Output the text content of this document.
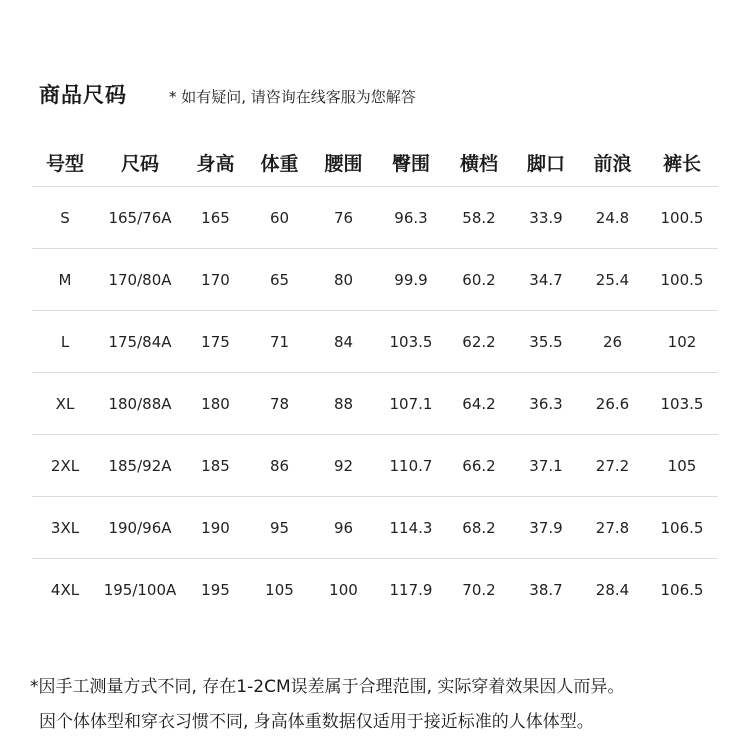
商品尺码	* 如有疑问, 请咨询在线客服为您解答
号型	尺码	身高	体重	腰围	臀围	横档	脚口	前浪	裤长
S	165/76A	165	60	76	96.3	58.2	33.9	24.8	100.5
M	170/80A	170	65	80	99.9	60.2	34.7	25.4	100.5
L	175/84A	175	71	84	103.5	62.2	35.5	26	102
XL	180/88A	180	78	88	107.1	64.2	36.3	26.6	103.5
2XL	185/92A	185	86	92	110.7	66.2	37.1	27.2	105
3XL	190/96A	190	95	96	114.3	68.2	37.9	27.8	106.5
4XL	195/100A	195	105	100	117.9	70.2	38.7	28.4	106.5
*因手工测量方式不同, 存在1-2CM误差属于合理范围, 实际穿着效果因人而异。
因个体体型和穿衣习惯不同, 身高体重数据仅适用于接近标准的人体体型。
